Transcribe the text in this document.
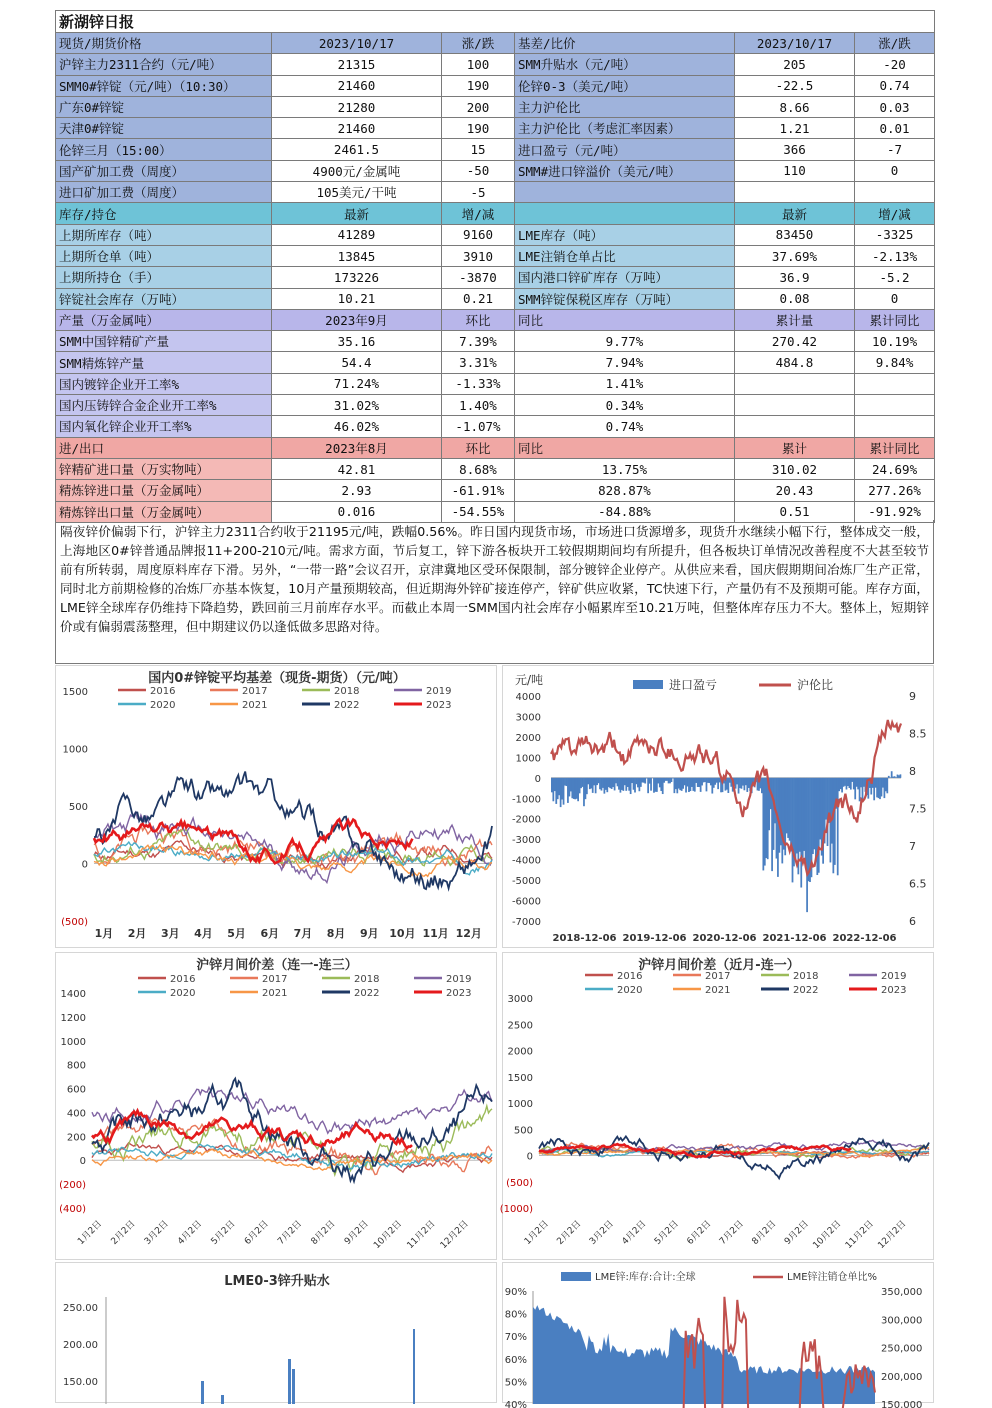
新湖锌日报					
现货/期货价格	2023/10/17	涨/跌	基差/比价	2023/10/17	涨/跌
沪锌主力2311合约（元/吨）	21315	100	SMM升贴水（元/吨）	205	-20
SMM0#锌锭（元/吨）（10:30）	21460	190	伦锌0-3（美元/吨）	-22.5	0.74
广东0#锌锭	21280	200	主力沪伦比	8.66	0.03
天津0#锌锭	21460	190	主力沪伦比（考虑汇率因素）	1.21	0.01
伦锌三月（15:00）	2461.5	15	进口盈亏（元/吨）	366	-7
国产矿加工费（周度）	4900元/金属吨	-50	SMM#进口锌溢价（美元/吨）	110	0
进口矿加工费（周度）	105美元/干吨	-5			
库存/持仓	最新	增/减		最新	增/减
上期所库存（吨）	41289	9160	LME库存（吨）	83450	-3325
上期所仓单（吨）	13845	3910	LME注销仓单占比	37.69%	-2.13%
上期所持仓（手）	173226	-3870	国内港口锌矿库存（万吨）	36.9	-5.2
锌锭社会库存（万吨）	10.21	0.21	SMM锌锭保税区库存（万吨）	0.08	0
产量（万金属吨）	2023年9月	环比	同比	累计量	累计同比
SMM中国锌精矿产量	35.16	7.39%	9.77%	270.42	10.19%
SMM精炼锌产量	54.4	3.31%	7.94%	484.8	9.84%
国内镀锌企业开工率%	71.24%	-1.33%	1.41%		
国内压铸锌合金企业开工率%	31.02%	1.40%	0.34%		
国内氧化锌企业开工率%	46.02%	-1.07%	0.74%		
进/出口	2023年8月	环比	同比	累计	累计同比
锌精矿进口量（万实物吨）	42.81	8.68%	13.75%	310.02	24.69%
精炼锌进口量（万金属吨）	2.93	-61.91%	828.87%	20.43	277.26%
精炼锌出口量（万金属吨）	0.016	-54.55%	-84.88%	0.51	-91.92%
隔夜锌价偏弱下行，沪锌主力2311合约收于21195元/吨，跌幅0.56%。昨日国内现货市场，市场进口货源增多，现货升水继续小幅下行，整体成交一般，上海地区0#锌普通品牌报11+200-210元/吨。需求方面，节后复工，锌下游各板块开工较假期期间均有所提升，但各板块订单情况改善程度不大甚至较节前有所转弱，周度原料库存下滑。另外，“一带一路”会议召开，京津冀地区受环保限制，部分镀锌企业停产。从供应来看，国庆假期期间冶炼厂生产正常，同时北方前期检修的冶炼厂亦基本恢复，10月产量预期较高，但近期海外锌矿接连停产，锌矿供应收紧，TC快速下行，产量仍有不及预期可能。库存方面，LME锌全球库存仍维持下降趋势，跌回前三月前库存水平。而截止本周一SMM国内社会库存小幅累库至10.21万吨，但整体库存压力不大。整体上，短期锌价或有偏弱震荡整理，但中期建议仍以逢低做多思路对待。
国内0#锌锭平均基差（现货-期货）（元/吨）
2016	2017	2018	2019
2020	2021	2022	2023
(500)
0
500
1000
1500
1月 2月 3月 4月 5月 6月 7月 8月 9月 10月 11月 12月
元/吨	进口盈亏	沪伦比
-7000
-6000
-5000
-4000
-3000
-2000
-1000
0
1000
2000
3000
4000
6
6.5
7
7.5
8
8.5
9
2018-12-06 2019-12-06 2020-12-06 2021-12-06 2022-12-06
沪锌月间价差（连一-连三）
2016	2017	2018	2019
2020	2021	2022	2023
(400)
(200)
0
200
400
600
800
1000
1200
1400
1月2日 2月2日 3月2日 4月2日 5月2日 6月2日 7月2日 8月2日 9月2日 10月2日 11月2日 12月2日
沪锌月间价差（近月-连一）
2016	2017	2018	2019
2020	2021	2022	2023
(1000)
(500)
0
500
1000
1500
2000
2500
3000
1月2日 2月2日 3月2日 4月2日 5月2日 6月2日 7月2日 8月2日 9月2日 10月2日 11月2日 12月2日
LME0-3锌升贴水
150.00
200.00
250.00
LME锌:库存:合计:全球	LME锌注销仓单比%
40%
50%
60%
70%
80%
90%
150,000
200,000
250,000
300,000
350,000
